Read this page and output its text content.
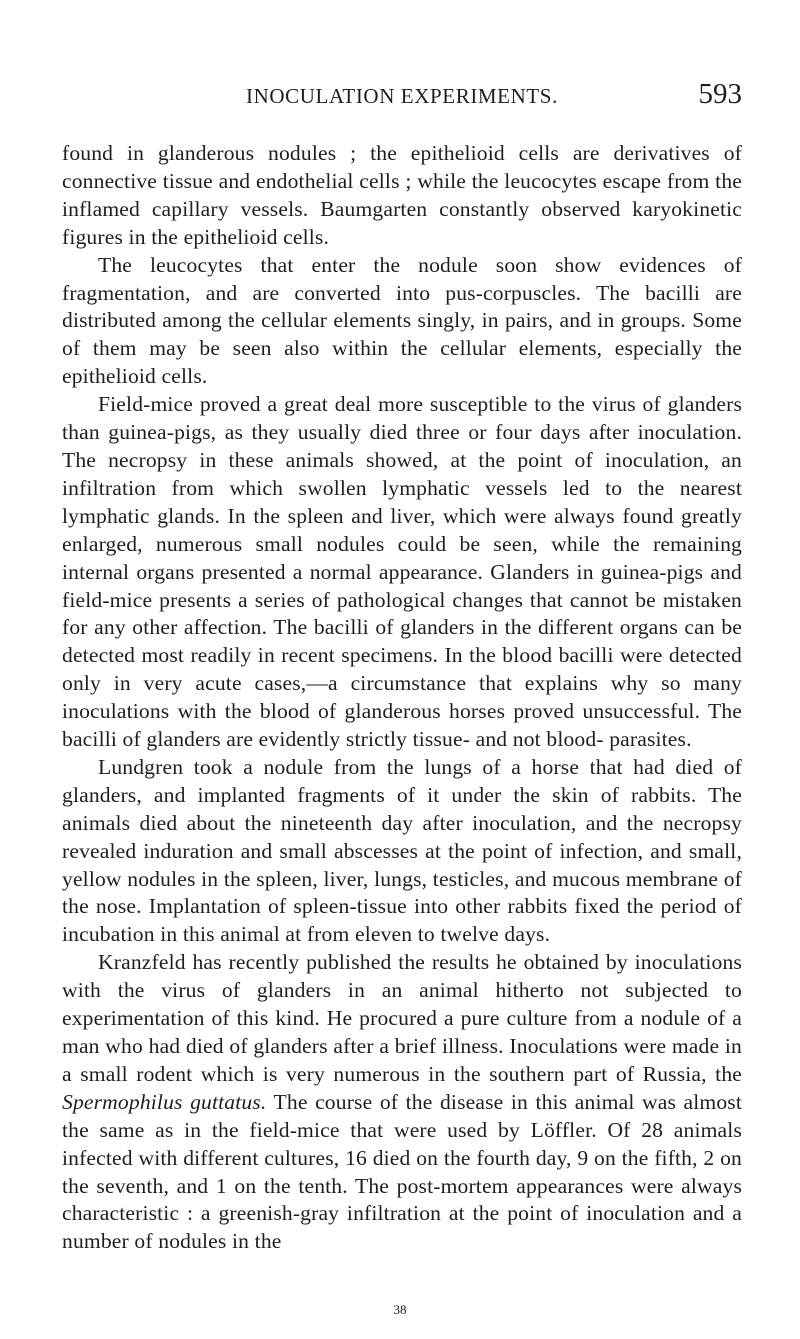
INOCULATION EXPERIMENTS.	593

found in glanderous nodules ; the epithelioid cells are derivatives of connective tissue and endothelial cells ; while the leucocytes escape from the inflamed capillary vessels. Baumgarten constantly observed karyokinetic figures in the epithelioid cells.

The leucocytes that enter the nodule soon show evidences of fragmentation, and are converted into pus-corpuscles. The bacilli are distributed among the cellular elements singly, in pairs, and in groups. Some of them may be seen also within the cellular elements, especially the epithelioid cells.

Field-mice proved a great deal more susceptible to the virus of glanders than guinea-pigs, as they usually died three or four days after inoculation. The necropsy in these animals showed, at the point of inoculation, an infiltration from which swollen lymphatic vessels led to the nearest lymphatic glands. In the spleen and liver, which were always found greatly enlarged, numerous small nodules could be seen, while the remaining internal organs presented a normal appearance. Glanders in guinea-pigs and field-mice presents a series of pathological changes that cannot be mistaken for any other affection. The bacilli of glanders in the different organs can be detected most readily in recent specimens. In the blood bacilli were detected only in very acute cases,—a circumstance that explains why so many inoculations with the blood of glanderous horses proved unsuccessful. The bacilli of glanders are evidently strictly tissue- and not blood- parasites.

Lundgren took a nodule from the lungs of a horse that had died of glanders, and implanted fragments of it under the skin of rabbits. The animals died about the nineteenth day after inoculation, and the necropsy revealed induration and small abscesses at the point of infection, and small, yellow nodules in the spleen, liver, lungs, testicles, and mucous membrane of the nose. Implantation of spleen-tissue into other rabbits fixed the period of incubation in this animal at from eleven to twelve days.

Kranzfeld has recently published the results he obtained by inoculations with the virus of glanders in an animal hitherto not subjected to experimentation of this kind. He procured a pure culture from a nodule of a man who had died of glanders after a brief illness. Inoculations were made in a small rodent which is very numerous in the southern part of Russia, the Spermophilus guttatus. The course of the disease in this animal was almost the same as in the field-mice that were used by Löffler. Of 28 animals infected with different cultures, 16 died on the fourth day, 9 on the fifth, 2 on the seventh, and 1 on the tenth. The post-mortem appearances were always characteristic : a greenish-gray infiltration at the point of inoculation and a number of nodules in the

38
